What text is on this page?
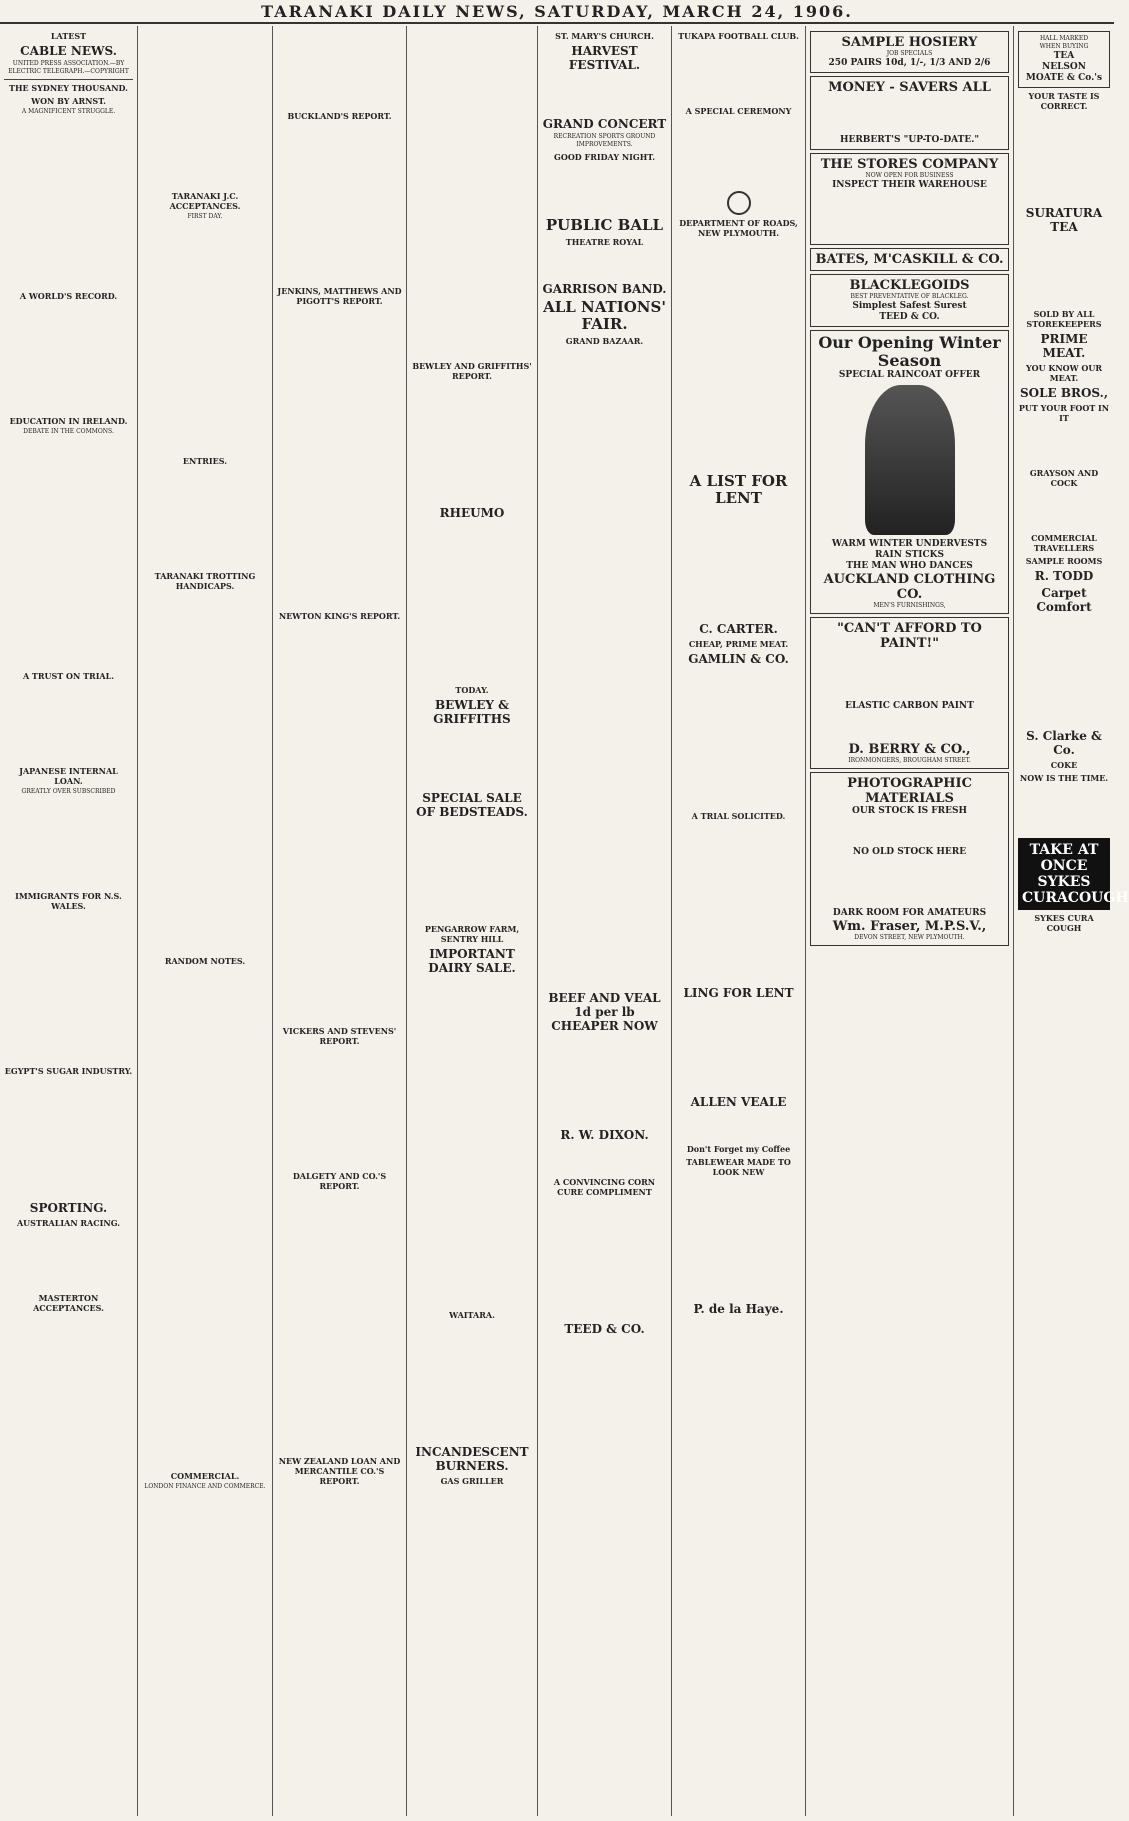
TARANAKI DAILY NEWS, SATURDAY, MARCH 24, 1906.
LATEST
CABLE NEWS.
UNITED PRESS ASSOCIATION.—BY ELECTRIC TELEGRAPH.—COPYRIGHT
THE SYDNEY THOUSAND.
WON BY ARNST.
A MAGNIFICENT STRUGGLE.

A WORLD'S RECORD.

EDUCATION IN IRELAND.
DEBATE IN THE COMMONS.

A TRUST ON TRIAL.

JAPANESE INTERNAL LOAN.
GREATLY OVER SUBSCRIBED

IMMIGRANTS FOR N.S. WALES.

EGYPT'S SUGAR INDUSTRY.

SPORTING.
AUSTRALIAN RACING.

MASTERTON ACCEPTANCES.

TARANAKI J.C. ACCEPTANCES.
FIRST DAY.

ENTRIES.

TARANAKI TROTTING HANDICAPS.

RANDOM NOTES.

COMMERCIAL.
LONDON FINANCE AND COMMERCE.

BUCKLAND'S REPORT.

JENKINS, MATTHEWS AND PIGOTT'S REPORT.

NEWTON KING'S REPORT.

VICKERS AND STEVENS' REPORT.

DALGETY AND CO.'S REPORT.

NEW ZEALAND LOAN AND MERCANTILE CO.'S REPORT.

BEWLEY AND GRIFFITHS' REPORT.

RHEUMO

TODAY.
BEWLEY & GRIFFITHS

SPECIAL SALE OF BEDSTEADS.

PENGARROW FARM, SENTRY HILL
IMPORTANT DAIRY SALE.

WAITARA.

INCANDESCENT BURNERS.
GAS GRILLER
ST. MARY'S CHURCH.
HARVEST FESTIVAL.

GRAND CONCERT
RECREATION SPORTS GROUND IMPROVEMENTS.
GOOD FRIDAY NIGHT.

PUBLIC BALL
THEATRE ROYAL

GARRISON BAND.
ALL NATIONS' FAIR.
GRAND BAZAAR.

BEEF AND VEAL 1d per lb CHEAPER NOW

R. W. DIXON.

A CONVINCING CORN CURE COMPLIMENT

TEED & CO.
TUKAPA FOOTBALL CLUB.

A SPECIAL CEREMONY

DEPARTMENT OF ROADS, NEW PLYMOUTH.

A LIST FOR LENT

C. CARTER.
CHEAP, PRIME MEAT.
GAMLIN & CO.

A TRIAL SOLICITED.

LING FOR LENT

ALLEN VEALE

Don't Forget my Coffee
TABLEWEAR MADE TO LOOK NEW

P. de la Haye.
SAMPLE HOSIERY
JOB SPECIALS
250 PAIRS 10d, 1/-, 1/3 AND 2/6
MONEY - SAVERS ALL
HERBERT'S "UP-TO-DATE."
THE STORES COMPANY
NOW OPEN FOR BUSINESS
INSPECT THEIR WAREHOUSE
BATES, M'CASKILL & CO.
BLACKLEGOIDS
BEST PREVENTATIVE OF BLACKLEG.
Simplest Safest Surest
TEED & CO.
Our Opening Winter Season
SPECIAL RAINCOAT OFFER
WARM WINTER UNDERVESTS
RAIN STICKS
THE MAN WHO DANCES
AUCKLAND CLOTHING CO.
MEN'S FURNISHINGS,
"CAN'T AFFORD TO PAINT!"
ELASTIC CARBON PAINT
D. BERRY & CO.,
IRONMONGERS, BROUGHAM STREET.
PHOTOGRAPHIC MATERIALS
OUR STOCK IS FRESH
NO OLD STOCK HERE
DARK ROOM FOR AMATEURS
Wm. Fraser, M.P.S.V.,
DEVON STREET, NEW PLYMOUTH.
HALL MARKED
WHEN BUYING
TEA
NELSON MOATE & Co.'s
YOUR TASTE IS CORRECT.

SURATURA TEA

SOLD BY ALL STOREKEEPERS
PRIME MEAT.
YOU KNOW OUR MEAT.
SOLE BROS.,
PUT YOUR FOOT IN IT

GRAYSON AND COCK

COMMERCIAL TRAVELLERS
SAMPLE ROOMS
R. TODD
Carpet Comfort

S. Clarke & Co.
COKE
NOW IS THE TIME.

TAKE AT ONCE SYKES CURACOUGH
SYKES CURA COUGH
